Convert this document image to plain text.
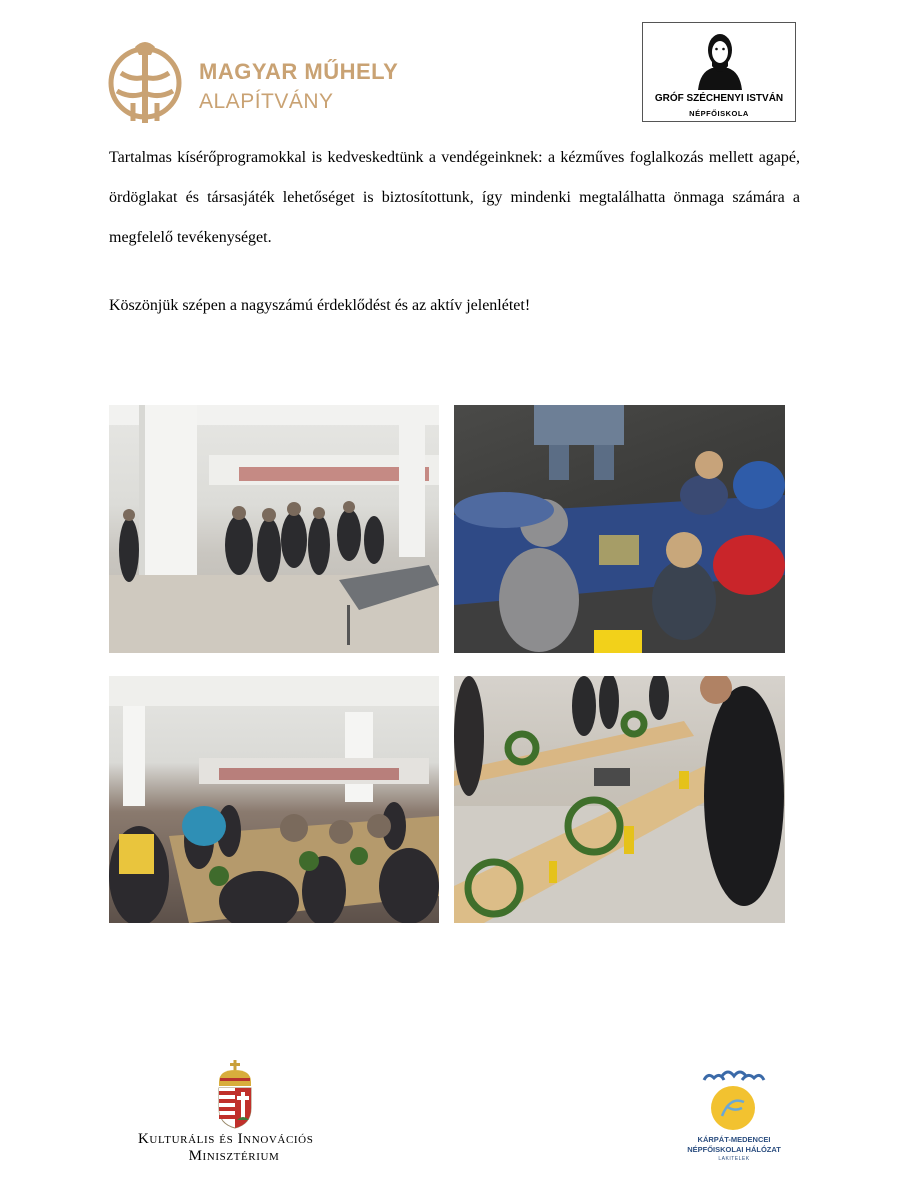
MAGYAR MŰHELY
ALAPÍTVÁNY	GRÓF SZÉCHENYI ISTVÁN
NÉPFŐISKOLA

Tartalmas kísérőprogramokkal is kedveskedtünk a vendégeinknek: a kézműves foglalkozás mellett agapé, ördöglakat és társasjáték lehetőséget is biztosítottunk, így mindenki megtalálhatta önmaga számára a megfelelő tevékenységet.

Köszönjük szépen a nagyszámú érdeklődést és az aktív jelenlétet!

Kulturális és Innovációs
Minisztérium
KÁRPÁT-MEDENCEI
NÉPFŐISKOLAI HÁLÓZAT
LAKITELEK
